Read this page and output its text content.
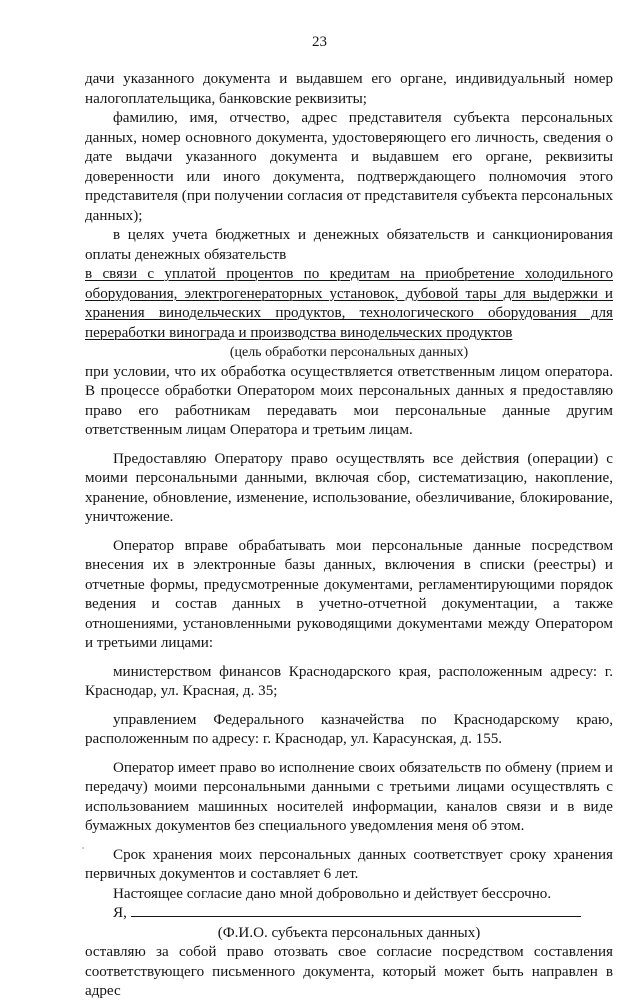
23

дачи указанного документа и выдавшем его органе, индивидуальный номер налогоплательщика, банковские реквизиты;

фамилию, имя, отчество, адрес представителя субъекта персональных данных, номер основного документа, удостоверяющего его личность, сведения о дате выдачи указанного документа и выдавшем его органе, реквизиты доверенности или иного документа, подтверждающего полномочия этого представителя (при получении согласия от представителя субъекта персональных данных);

в целях учета бюджетных и денежных обязательств и санкционирования оплаты денежных обязательств

в связи с уплатой процентов по кредитам на приобретение холодильного оборудования, электрогенераторных установок, дубовой тары для выдержки и хранения винодельческих продуктов, технологического оборудования для переработки винограда и производства винодельческих продуктов

(цель обработки персональных данных)

при условии, что их обработка осуществляется ответственным лицом оператора. В процессе обработки Оператором моих персональных данных я предоставляю право его работникам передавать мои персональные данные другим ответственным лицам Оператора и третьим лицам.

Предоставляю Оператору право осуществлять все действия (операции) с моими персональными данными, включая сбор, систематизацию, накопление, хранение, обновление, изменение, использование, обезличивание, блокирование, уничтожение.

Оператор вправе обрабатывать мои персональные данные посредством внесения их в электронные базы данных, включения в списки (реестры) и отчетные формы, предусмотренные документами, регламентирующими порядок ведения и состав данных в учетно-отчетной документации, а также отношениями, установленными руководящими документами между Оператором и третьими лицами:

министерством финансов Краснодарского края, расположенным адресу: г. Краснодар, ул. Красная, д. 35;

управлением Федерального казначейства по Краснодарскому краю, расположенным по адресу: г. Краснодар, ул. Карасунская, д. 155.

Оператор имеет право во исполнение своих обязательств по обмену (прием и передачу) моими персональными данными с третьими лицами осуществлять с использованием машинных носителей информации, каналов связи и в виде бумажных документов без специального уведомления меня об этом.

Срок хранения моих персональных данных соответствует сроку хранения первичных документов и составляет 6 лет.

Настоящее согласие дано мной добровольно и действует бессрочно.

Я,

(Ф.И.О. субъекта персональных данных)

оставляю за собой право отозвать свое согласие посредством составления соответствующего письменного документа, который может быть направлен в адрес
